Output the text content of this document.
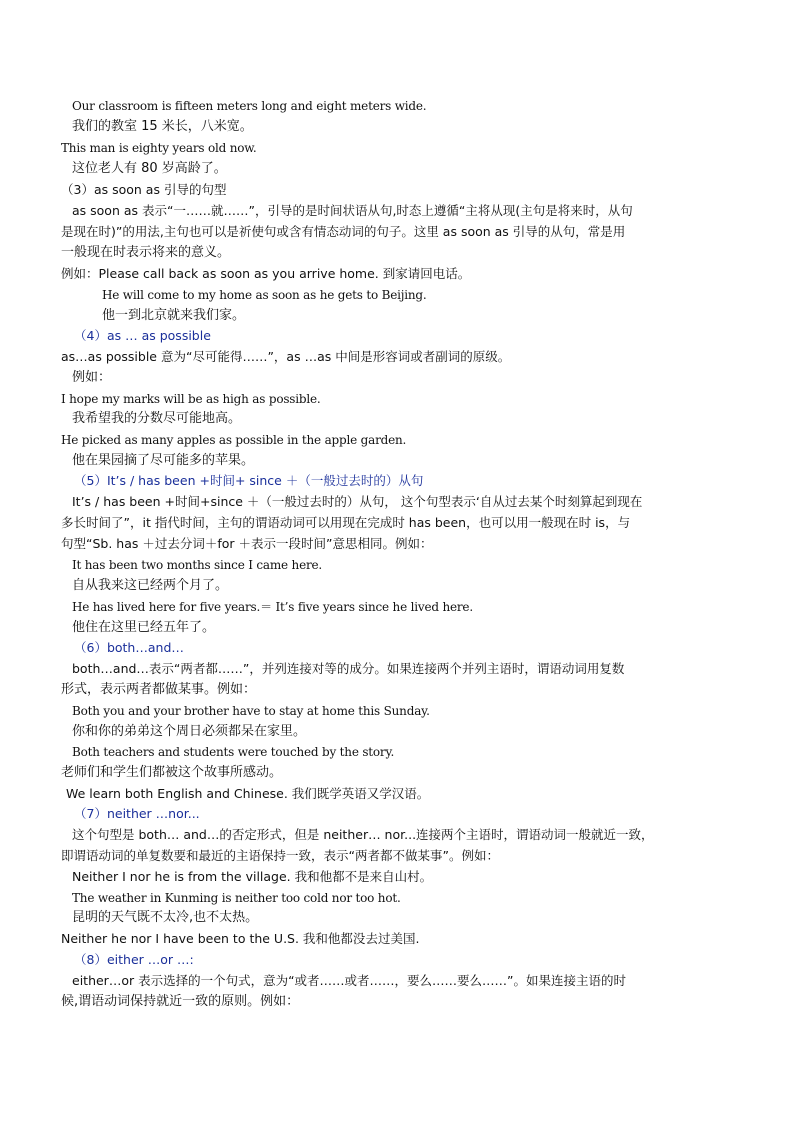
Our classroom is fifteen meters long and eight meters wide.
我们的教室 15 米长，八米宽。
This man is eighty years old now.
这位老人有 80 岁高龄了。
（3）as soon as 引导的句型
as soon as 表示“一……就……”，引导的是时间状语从句,时态上遵循“主将从现(主句是将来时，从句
是现在时)”的用法,主句也可以是祈使句或含有情态动词的句子。这里 as soon as 引导的从句，常是用
一般现在时表示将来的意义。
例如：Please call back as soon as you arrive home. 到家请回电话。
He will come to my home as soon as he gets to Beijing.
他一到北京就来我们家。
（4）as … as possible
as…as possible 意为“尽可能得……”，as …as 中间是形容词或者副词的原级。
例如：
I hope my marks will be as high as possible.
我希望我的分数尽可能地高。
He picked as many apples as possible in the apple garden.
他在果园摘了尽可能多的苹果。
（5）It’s / has been +时间+ since ＋（一般过去时的）从句
It’s / has been +时间+since ＋（一般过去时的）从句， 这个句型表示‘自从过去某个时刻算起到现在
多长时间了”，it 指代时间，主句的谓语动词可以用现在完成时 has been，也可以用一般现在时 is，与
句型“Sb. has ＋过去分词＋for ＋表示一段时间”意思相同。例如：
It has been two months since I came here.
自从我来这已经两个月了。
He has lived here for five years.＝ It’s five years since he lived here.
他住在这里已经五年了。
（6）both…and…
both…and…表示“两者都……”，并列连接对等的成分。如果连接两个并列主语时，谓语动词用复数
形式，表示两者都做某事。例如：
Both you and your brother have to stay at home this Sunday.
你和你的弟弟这个周日必须都呆在家里。
Both teachers and students were touched by the story.
老师们和学生们都被这个故事所感动。
We learn both English and Chinese. 我们既学英语又学汉语。
（7）neither …nor...
这个句型是 both… and…的否定形式，但是 neither… nor...连接两个主语时，谓语动词一般就近一致，
即谓语动词的单复数要和最近的主语保持一致，表示“两者都不做某事”。例如：
Neither I nor he is from the village. 我和他都不是来自山村。
The weather in Kunming is neither too cold nor too hot.
昆明的天气既不太冷,也不太热。
Neither he nor I have been to the U.S. 我和他都没去过美国.
（8）either …or …:
either…or 表示选择的一个句式，意为“或者……或者……，要么……要么……”。如果连接主语的时
候,谓语动词保持就近一致的原则。例如：
